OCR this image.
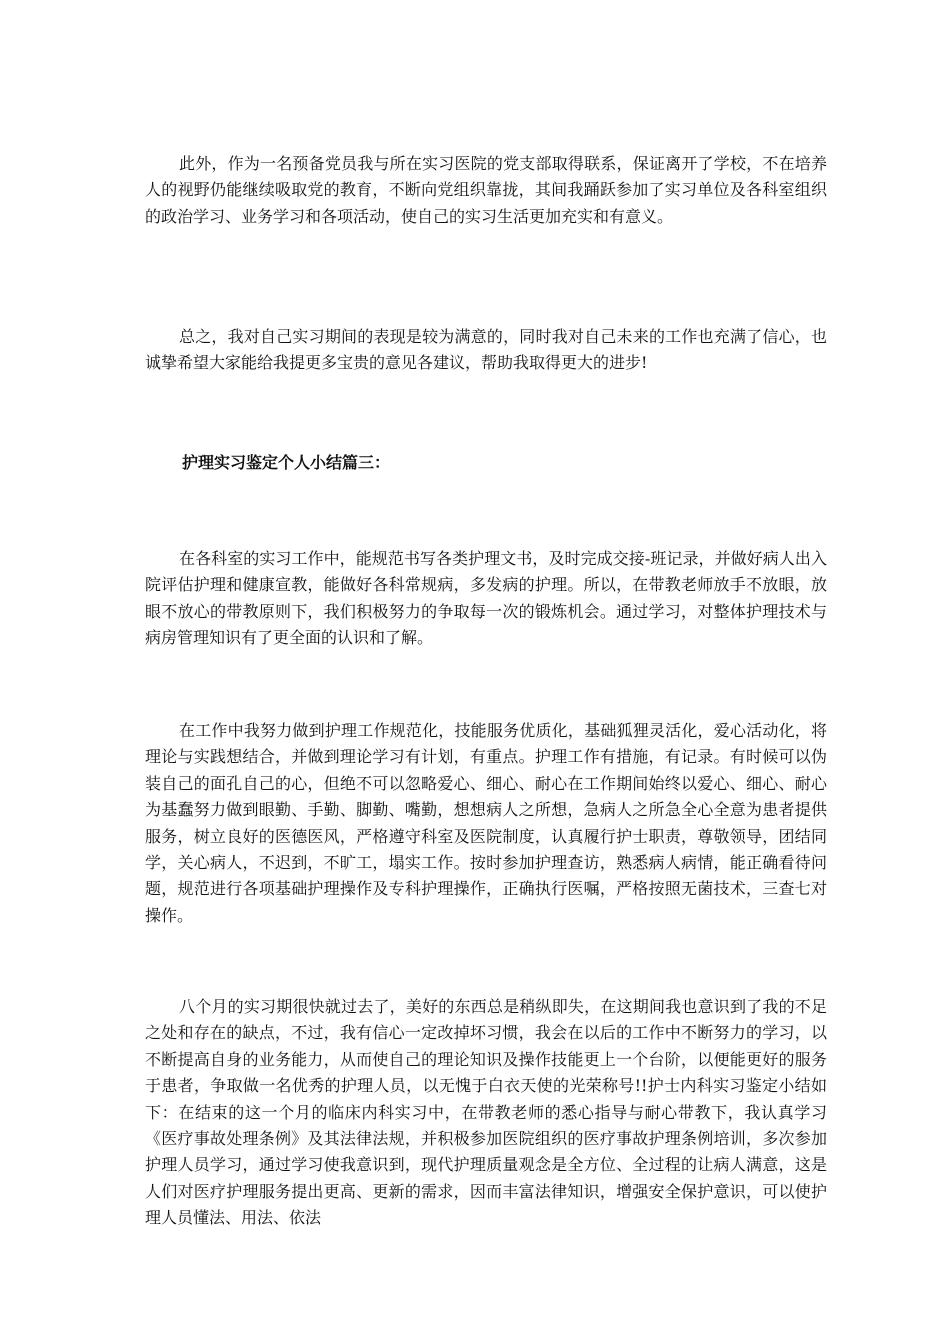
此外，作为一名预备党员我与所在实习医院的党支部取得联系，保证离开了学校，不在培养人的视野仍能继续吸取党的教育，不断向党组织靠拢，其间我踊跃参加了实习单位及各科室组织的政治学习、业务学习和各项活动，使自己的实习生活更加充实和有意义。

总之，我对自己实习期间的表现是较为满意的，同时我对自己未来的工作也充满了信心，也诚挚希望大家能给我提更多宝贵的意见各建议，帮助我取得更大的进步!

护理实习鉴定个人小结篇三：

在各科室的实习工作中，能规范书写各类护理文书，及时完成交接-班记录，并做好病人出入院评估护理和健康宣教，能做好各科常规病，多发病的护理。所以，在带教老师放手不放眼，放眼不放心的带教原则下，我们积极努力的争取每一次的锻炼机会。通过学习，对整体护理技术与病房管理知识有了更全面的认识和了解。

在工作中我努力做到护理工作规范化，技能服务优质化，基础狐狸灵活化，爱心活动化，将理论与实践想结合，并做到理论学习有计划，有重点。护理工作有措施，有记录。有时候可以伪装自己的面孔自己的心，但绝不可以忽略爱心、细心、耐心在工作期间始终以爱心、细心、耐心为基蠢努力做到眼勤、手勤、脚勤、嘴勤，想想病人之所想，急病人之所急全心全意为患者提供服务，树立良好的医德医风，严格遵守科室及医院制度，认真履行护士职责，尊敬领导，团结同学，关心病人，不迟到，不旷工，塌实工作。按时参加护理查访，熟悉病人病情，能正确看待问题，规范进行各项基础护理操作及专科护理操作，正确执行医嘱，严格按照无菌技术，三查七对操作。

八个月的实习期很快就过去了，美好的东西总是稍纵即失，在这期间我也意识到了我的不足之处和存在的缺点，不过，我有信心一定改掉坏习惯，我会在以后的工作中不断努力的学习，以不断提高自身的业务能力，从而使自己的理论知识及操作技能更上一个台阶，以便能更好的服务于患者，争取做一名优秀的护理人员，以无愧于白衣天使的光荣称号!!护士内科实习鉴定小结如下：在结束的这一个月的临床内科实习中，在带教老师的悉心指导与耐心带教下，我认真学习《医疗事故处理条例》及其法律法规，并积极参加医院组织的医疗事故护理条例培训，多次参加护理人员学习，通过学习使我意识到，现代护理质量观念是全方位、全过程的让病人满意，这是人们对医疗护理服务提出更高、更新的需求，因而丰富法律知识，增强安全保护意识，可以使护理人员懂法、用法、依法
